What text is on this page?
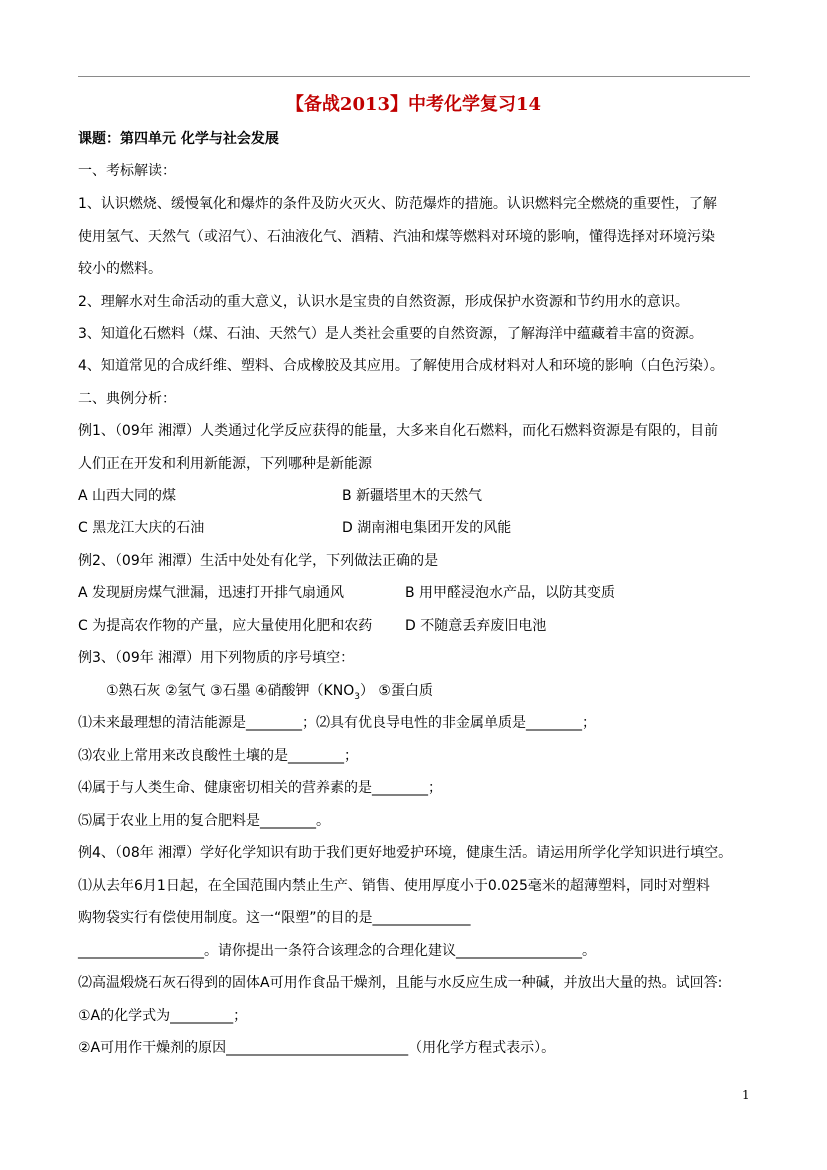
【备战2013】中考化学复习14
课题：第四单元 化学与社会发展
一、考标解读：
1、认识燃烧、缓慢氧化和爆炸的条件及防火灭火、防范爆炸的措施。认识燃料完全燃烧的重要性，了解
使用氢气、天然气（或沼气）、石油液化气、酒精、汽油和煤等燃料对环境的影响，懂得选择对环境污染
较小的燃料。
2、理解水对生命活动的重大意义，认识水是宝贵的自然资源，形成保护水资源和节约用水的意识。
3、知道化石燃料（煤、石油、天然气）是人类社会重要的自然资源，了解海洋中蕴藏着丰富的资源。
4、知道常见的合成纤维、塑料、合成橡胶及其应用。了解使用合成材料对人和环境的影响（白色污染）。
二、典例分析：
例1、（09年 湘潭）人类通过化学反应获得的能量，大多来自化石燃料，而化石燃料资源是有限的，目前
人们正在开发和利用新能源，下列哪种是新能源
A 山西大同的煤	B 新疆塔里木的天然气
C 黑龙江大庆的石油	D 湖南湘电集团开发的风能
例2、（09年 湘潭）生活中处处有化学，下列做法正确的是
A 发现厨房煤气泄漏，迅速打开排气扇通风	B 用甲醛浸泡水产品，以防其变质
C 为提高农作物的产量，应大量使用化肥和农药 D 不随意丢弃废旧电池
例3、（09年 湘潭）用下列物质的序号填空：
①熟石灰 ②氢气 ③石墨 ④硝酸钾$(KNO_3)$ ⑤蛋白质
⑴未来最理想的清洁能源是________；⑵具有优良导电性的非金属单质是________；
⑶农业上常用来改良酸性土壤的是________；
⑷属于与人类生命、健康密切相关的营养素的是________；
⑸属于农业上用的复合肥料是________。
例4、（08年 湘潭）学好化学知识有助于我们更好地爱护环境，健康生活。请运用所学化学知识进行填空。
⑴从去年6月1日起，在全国范围内禁止生产、销售、使用厚度小于0.025毫米的超薄塑料，同时对塑料
购物袋实行有偿使用制度。这一“限塑”的目的是______________
__________________。请你提出一条符合该理念的合理化建议__________________。
⑵高温煅烧石灰石得到的固体A可用作食品干燥剂，且能与水反应生成一种碱，并放出大量的热。试回答:
①A的化学式为_________；
②A可用作干燥剂的原因__________________________（用化学方程式表示）。
1
